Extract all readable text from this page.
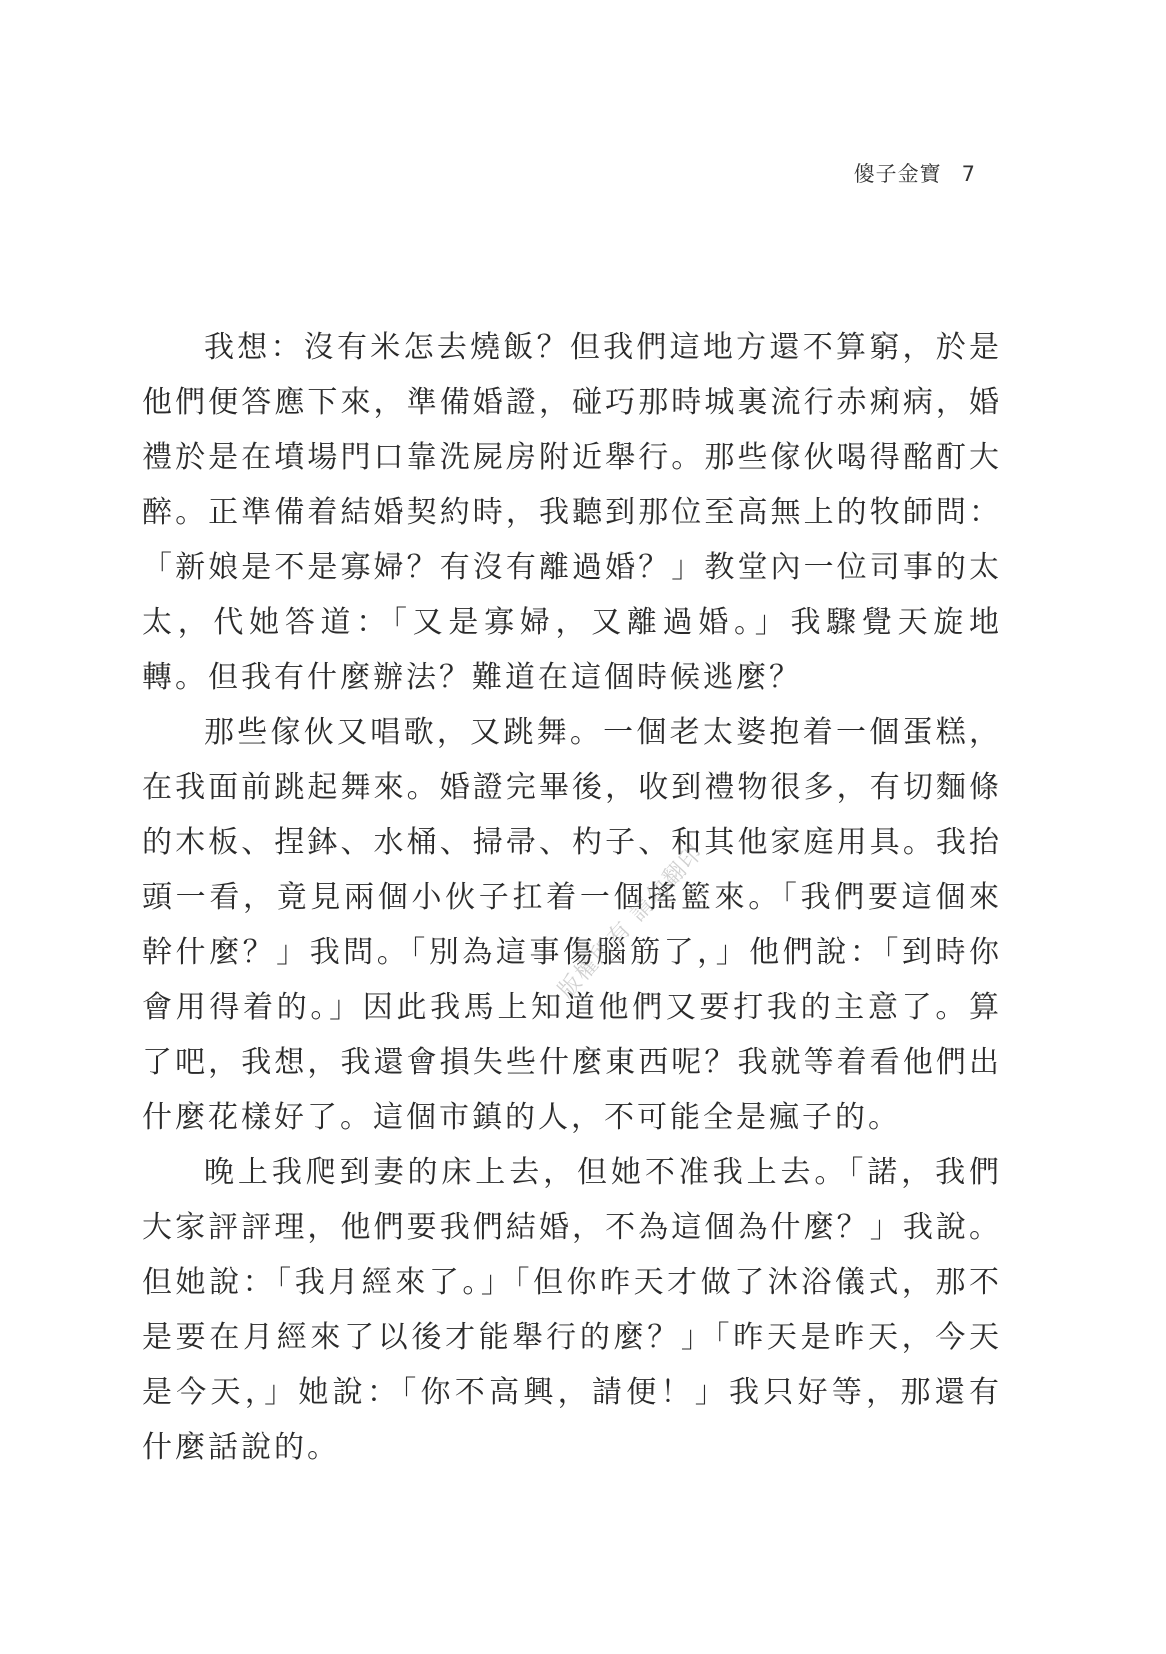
傻子金寶 7

我想：沒有米怎去燒飯？但我們這地方還不算窮，於是他們便答應下來，準備婚證，碰巧那時城裏流行赤痢病，婚禮於是在墳場門口靠洗屍房附近舉行。那些傢伙喝得酩酊大醉。正準備着結婚契約時，我聽到那位至高無上的牧師問：「新娘是不是寡婦？有沒有離過婚？」教堂內一位司事的太太，代她答道：「又是寡婦，又離過婚。」我驟覺天旋地轉。但我有什麼辦法？難道在這個時候逃麼？

那些傢伙又唱歌，又跳舞。一個老太婆抱着一個蛋糕，在我面前跳起舞來。婚證完畢後，收到禮物很多，有切麵條的木板、捏鉢、水桶、掃帚、杓子、和其他家庭用具。我抬頭一看，竟見兩個小伙子扛着一個搖籃來。「我們要這個來幹什麼？」我問。「別為這事傷腦筋了，」他們說：「到時你會用得着的。」因此我馬上知道他們又要打我的主意了。算了吧，我想，我還會損失些什麼東西呢？我就等着看他們出什麼花樣好了。這個市鎮的人，不可能全是瘋子的。

晚上我爬到妻的床上去，但她不准我上去。「諾，我們大家評評理，他們要我們結婚，不為這個為什麼？」我說。但她說：「我月經來了。」「但你昨天才做了沐浴儀式，那不是要在月經來了以後才能舉行的麼？」「昨天是昨天，今天是今天，」她說：「你不高興，請便！」我只好等，那還有什麼話說的。

版權所有 請勿翻印
